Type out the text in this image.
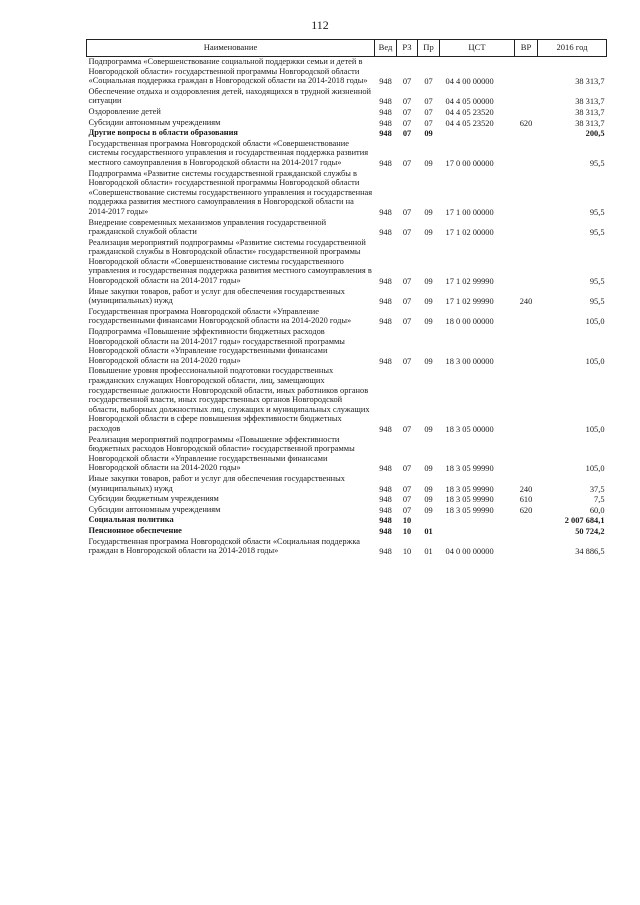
112
Наименование	Вед	РЗ	Пр	ЦСТ	ВР	2016 год
Подпрограмма «Совершенствование социальной поддержки семьи и детей в Новгородской области» государственной программы Новгородской области «Социальная поддержка граждан в Новгородской области на 2014-2018 годы»	948	07	07	04 4 00 00000		38 313,7
Обеспечение отдыха и оздоровления детей, находящихся в трудной жизненной ситуации	948	07	07	04 4 05 00000		38 313,7
Оздоровление детей	948	07	07	04 4 05 23520		38 313,7
Субсидии автономным учреждениям	948	07	07	04 4 05 23520	620	38 313,7
Другие вопросы в области образования	948	07	09			200,5
Государственная программа Новгородской области «Совершенствование системы государственного управления и государственная поддержка развития местного самоуправления в Новгородской области на 2014-2017 годы»	948	07	09	17 0 00 00000		95,5
Подпрограмма «Развитие системы государственной гражданской службы в Новгородской области» государственной программы Новгородской области «Совершенствование системы государственного управления и государственная поддержка развития местного самоуправления в Новгородской области на 2014-2017 годы»	948	07	09	17 1 00 00000		95,5
Внедрение современных механизмов управления государственной гражданской службой области	948	07	09	17 1 02 00000		95,5
Реализация мероприятий подпрограммы «Развитие системы государственной гражданской службы в Новгородской области» государственной программы Новгородской области «Совершенствование системы государственного управления и государственная поддержка развития местного самоуправления в Новгородской области на 2014-2017 годы»	948	07	09	17 1 02 99990		95,5
Иные закупки товаров, работ и услуг для обеспечения государственных (муниципальных) нужд	948	07	09	17 1 02 99990	240	95,5
Государственная программа Новгородской области «Управление государственными финансами Новгородской области на 2014-2020 годы»	948	07	09	18 0 00 00000		105,0
Подпрограмма «Повышение эффективности бюджетных расходов Новгородской области на 2014-2017 годы» государственной программы Новгородской области «Управление государственными финансами Новгородской области на 2014-2020 годы»	948	07	09	18 3 00 00000		105,0
Повышение уровня профессиональной подготовки государственных гражданских служащих Новгородской области, лиц, замещающих государственные должности Новгородской области, иных работников органов государственной власти, иных государственных органов Новгородской области, выборных должностных лиц, служащих и муниципальных служащих Новгородской области в сфере повышения эффективности бюджетных расходов	948	07	09	18 3 05 00000		105,0
Реализация мероприятий подпрограммы «Повышение эффективности бюджетных расходов Новгородской области» государственной программы Новгородской области «Управление государственными финансами Новгородской области на 2014-2020 годы»	948	07	09	18 3 05 99990		105,0
Иные закупки товаров, работ и услуг для обеспечения государственных (муниципальных) нужд	948	07	09	18 3 05 99990	240	37,5
Субсидии бюджетным учреждениям	948	07	09	18 3 05 99990	610	7,5
Субсидии автономным учреждениям	948	07	09	18 3 05 99990	620	60,0
Социальная политика	948	10				2 007 684,1
Пенсионное обеспечение	948	10	01			50 724,2
Государственная программа Новгородской области «Социальная поддержка граждан в Новгородской области на 2014-2018 годы»	948	10	01	04 0 00 00000		34 886,5
